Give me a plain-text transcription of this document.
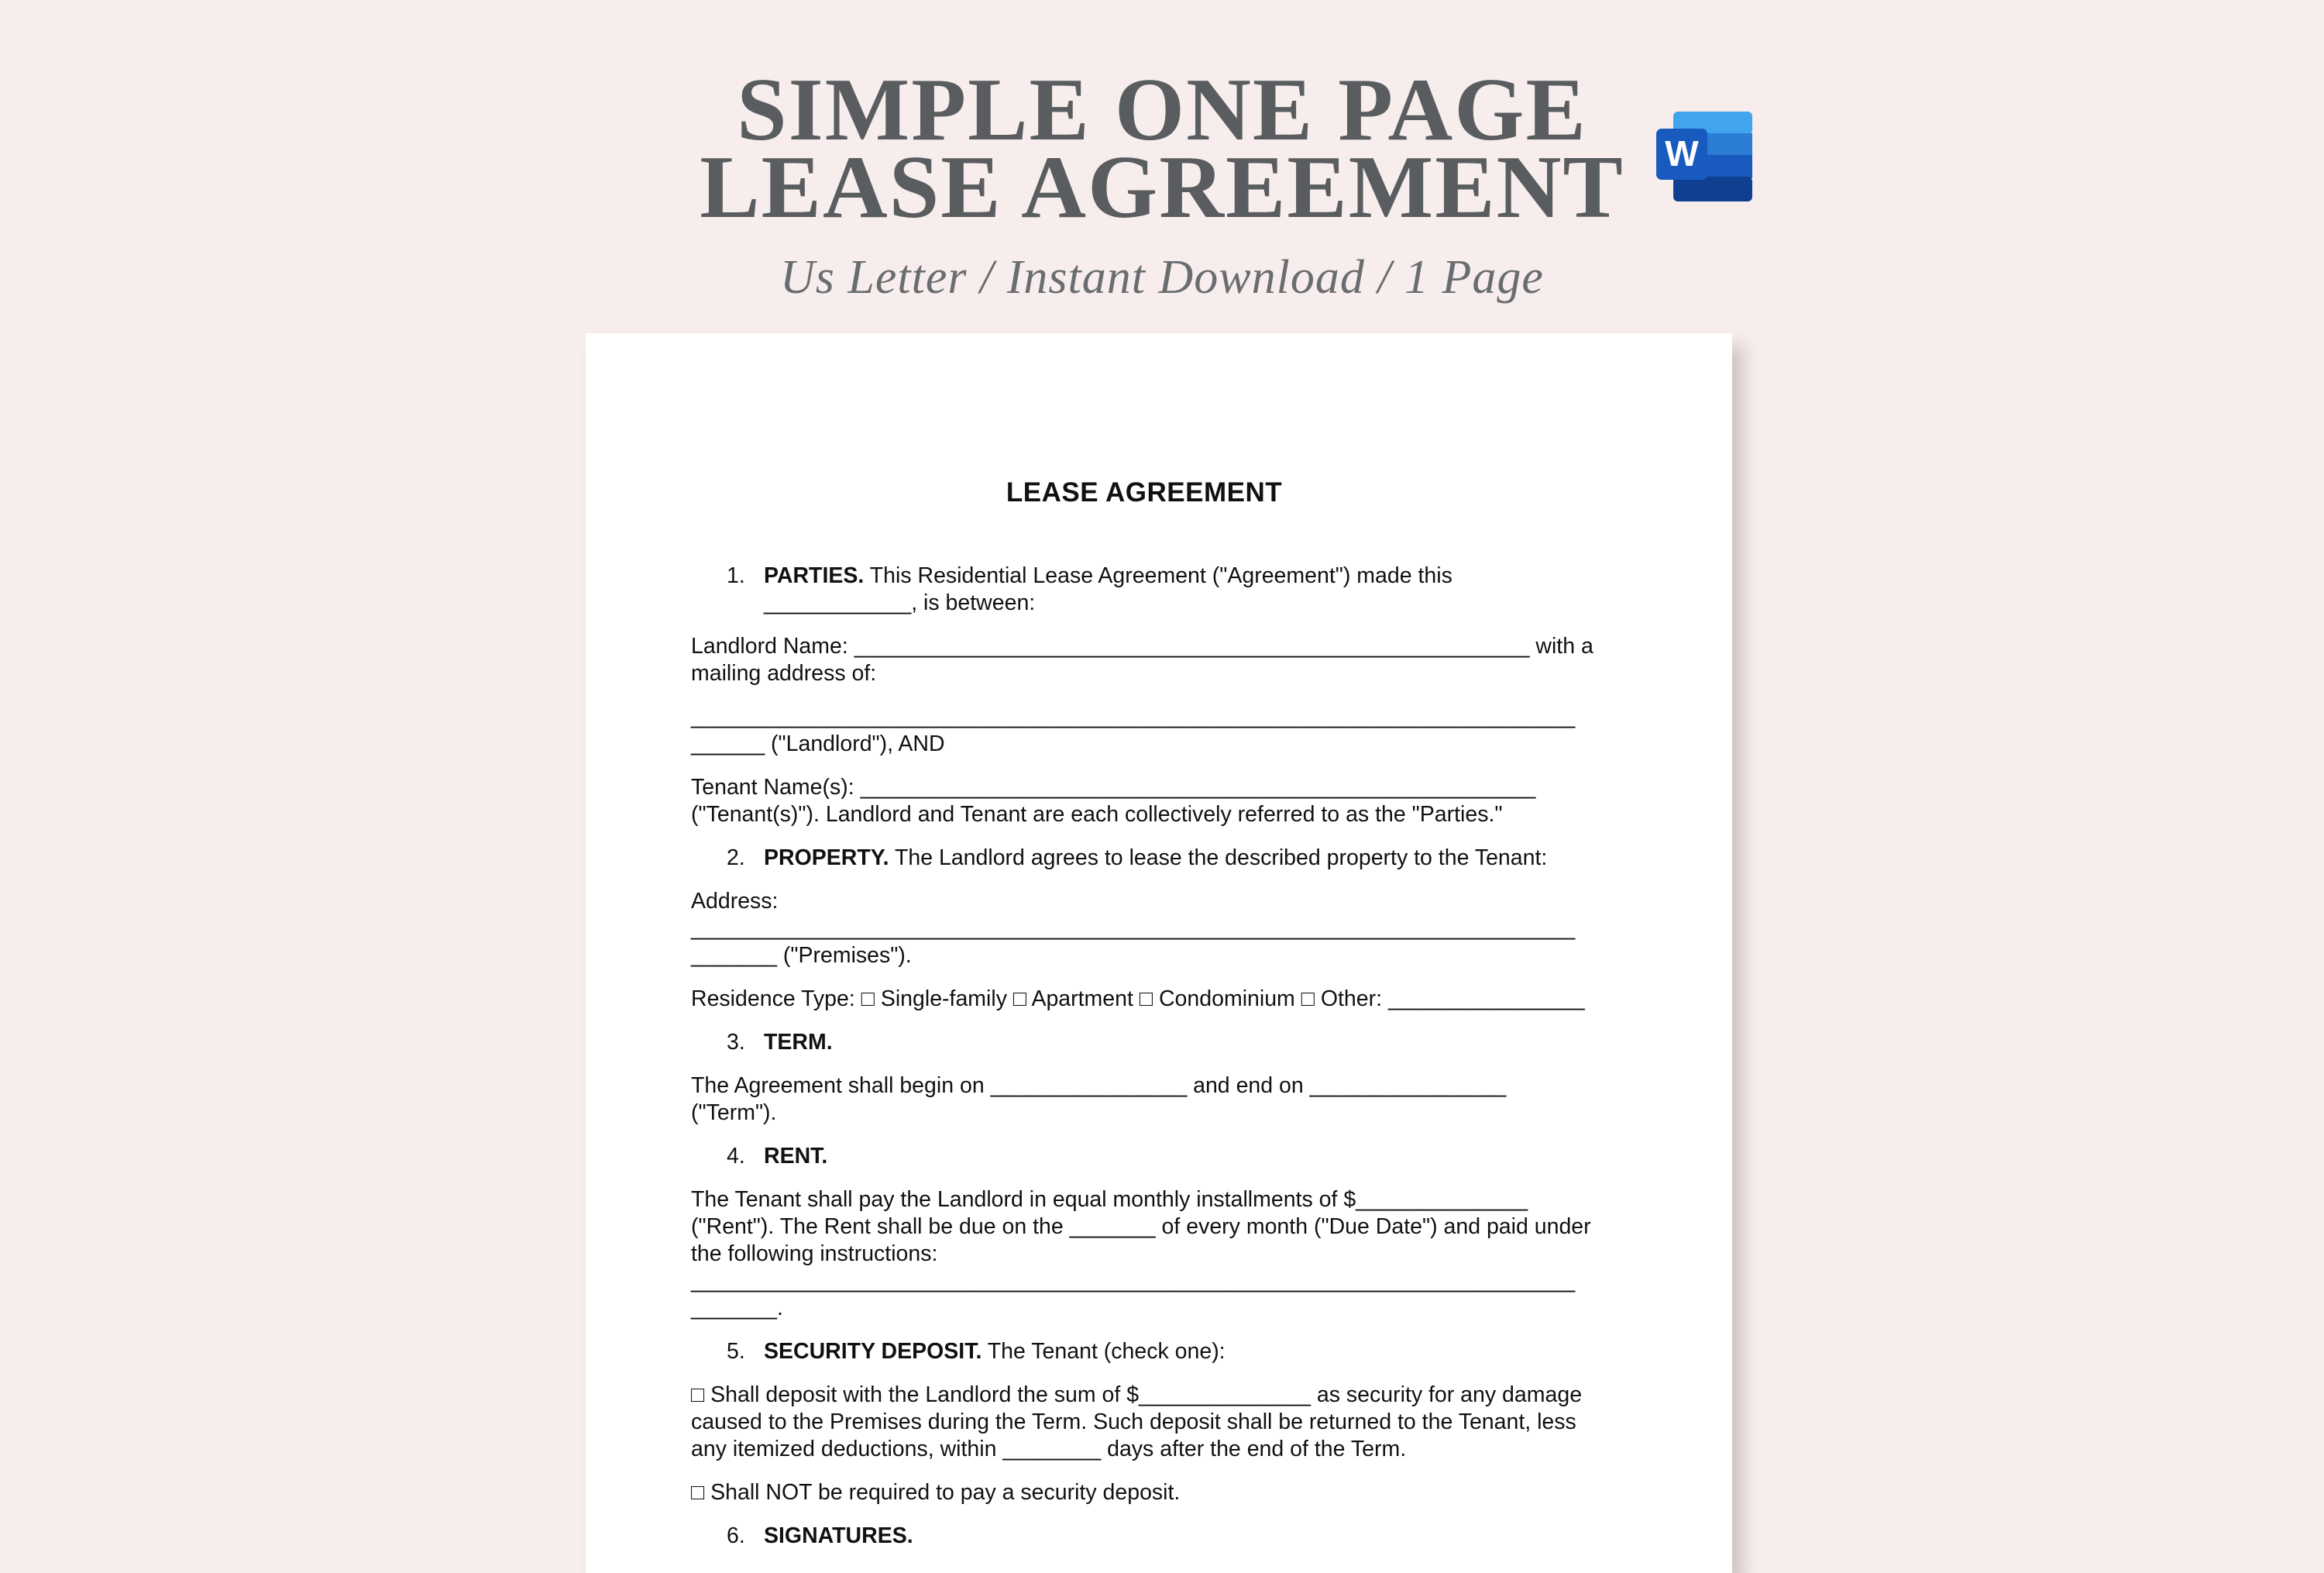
SIMPLE ONE PAGE
LEASE AGREEMENT	W

Us Letter / Instant Download / 1 Page

LEASE AGREEMENT
1. PARTIES. This Residential Lease Agreement ("Agreement") made this ____________, is between:

Landlord Name: _______________________________________________________ with a mailing address of:

________________________________________________________________________ ______ ("Landlord"), AND

Tenant Name(s): _______________________________________________________ ("Tenant(s)"). Landlord and Tenant are each collectively referred to as the "Parties."

2. PROPERTY. The Landlord agrees to lease the described property to the Tenant:

Address: ________________________________________________________________________ _______ ("Premises").

Residence Type: □ Single-family □ Apartment □ Condominium □ Other: ________________

3. TERM.

The Agreement shall begin on ________________ and end on ________________ ("Term").

4. RENT.

The Tenant shall pay the Landlord in equal monthly installments of $______________ ("Rent"). The Rent shall be due on the _______ of every month ("Due Date") and paid under the following instructions: ________________________________________________________________________ _______.

5. SECURITY DEPOSIT. The Tenant (check one):

□ Shall deposit with the Landlord the sum of $______________ as security for any damage caused to the Premises during the Term. Such deposit shall be returned to the Tenant, less any itemized deductions, within ________ days after the end of the Term.

□ Shall NOT be required to pay a security deposit.

6. SIGNATURES.
